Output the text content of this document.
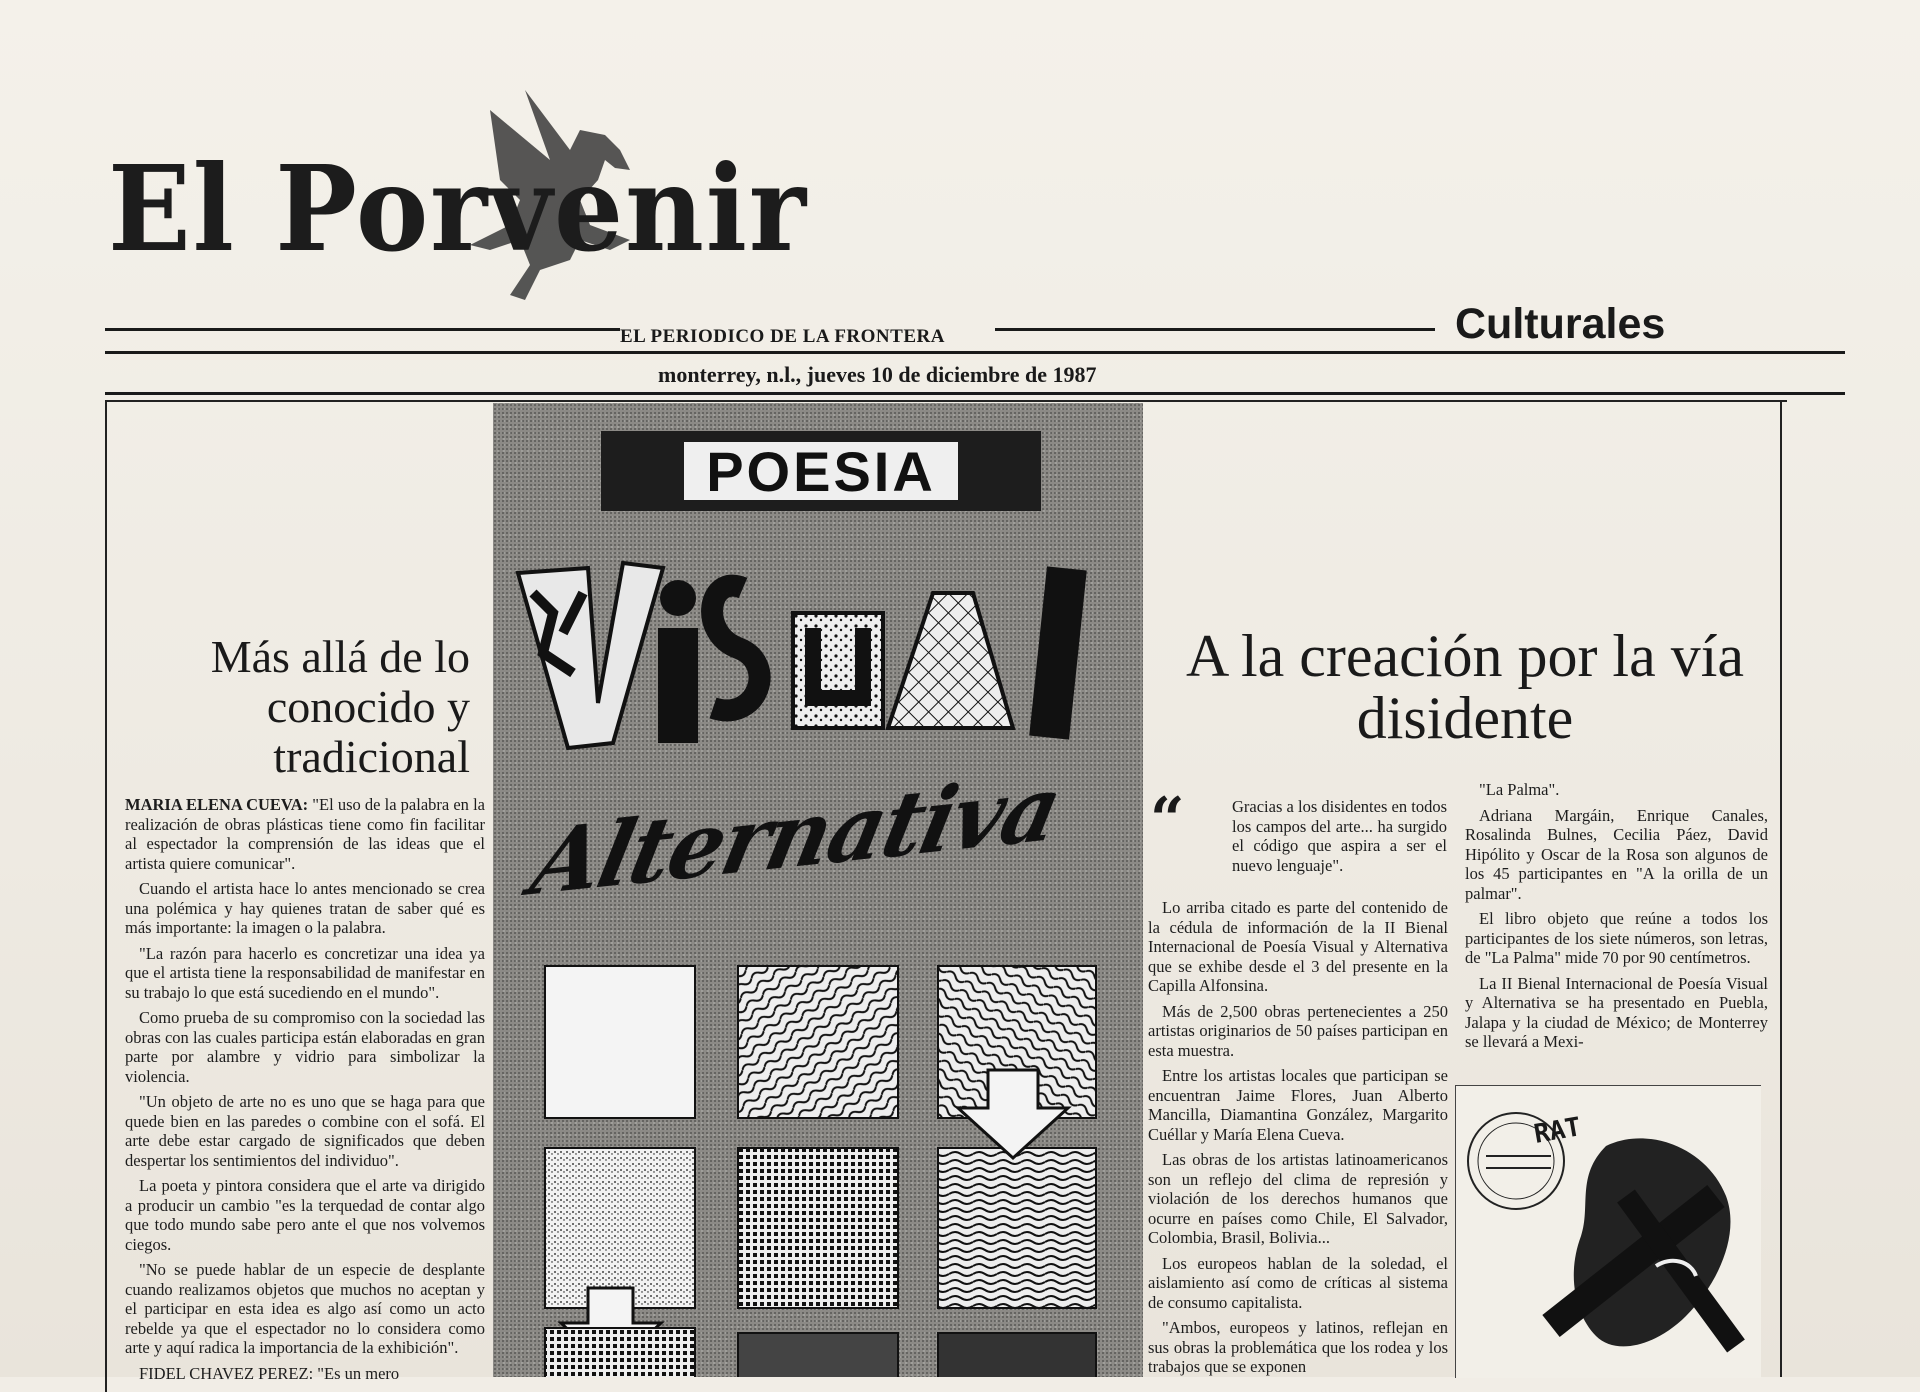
El Porvenir
EL PERIODICO DE LA FRONTERA
monterrey, n.l., jueves 10 de diciembre de 1987
Culturales
Más allá de lo conocido y tradicional

MARIA ELENA CUEVA: "El uso de la palabra en la realización de obras plásticas tiene como fin facilitar al espectador la comprensión de las ideas que el artista quiere comunicar".

Cuando el artista hace lo antes mencionado se crea una polémica y hay quienes tratan de saber qué es más importante: la imagen o la palabra.

"La razón para hacerlo es concretizar una idea ya que el artista tiene la responsabilidad de manifestar en su trabajo lo que está sucediendo en el mundo".

Como prueba de su compromiso con la sociedad las obras con las cuales participa están elaboradas en gran parte por alambre y vidrio para simbolizar la violencia.

"Un objeto de arte no es uno que se haga para que quede bien en las paredes o combine con el sofá. El arte debe estar cargado de significados que deben despertar los sentimientos del individuo".

La poeta y pintora considera que el arte va dirigido a producir un cambio "es la terquedad de contar algo que todo mundo sabe pero ante el que nos volvemos ciegos.

"No se puede hablar de un especie de desplante cuando realizamos objetos que muchos no aceptan y el participar en esta idea es algo así como un acto rebelde ya que el espectador no lo considera como arte y aquí radica la importancia de la exhibición".

FIDEL CHAVEZ PEREZ: "Es un mero

POESIA
Alternativa
A la creación por la vía disidente
“	Gracias a los disidentes en todos los campos del arte... ha surgido el código que aspira a ser el nuevo lenguaje".

Lo arriba citado es parte del contenido de la cédula de información de la II Bienal Internacional de Poesía Visual y Alternativa que se exhibe desde el 3 del presente en la Capilla Alfonsina.

Más de 2,500 obras pertenecientes a 250 artistas originarios de 50 países participan en esta muestra.

Entre los artistas locales que participan se encuentran Jaime Flores, Juan Alberto Mancilla, Diamantina González, Margarito Cuéllar y María Elena Cueva.

Las obras de los artistas latinoamericanos son un reflejo del clima de represión y violación de los derechos humanos que ocurre en países como Chile, El Salvador, Colombia, Brasil, Bolivia...

Los europeos hablan de la soledad, el aislamiento así como de críticas al sistema de consumo capitalista.

"Ambos, europeos y latinos, reflejan en sus obras la problemática que los rodea y los trabajos que se exponen

"La Palma".

Adriana Margáin, Enrique Canales, Rosalinda Bulnes, Cecilia Páez, David Hipólito y Oscar de la Rosa son algunos de los 45 participantes en "A la orilla de un palmar".

El libro objeto que reúne a todos los participantes de los siete números, son letras, de "La Palma" mide 70 por 90 centímetros.

La II Bienal Internacional de Poesía Visual y Alternativa se ha presentado en Puebla, Jalapa y la ciudad de México; de Monterrey se llevará a Mexi-

RAT
